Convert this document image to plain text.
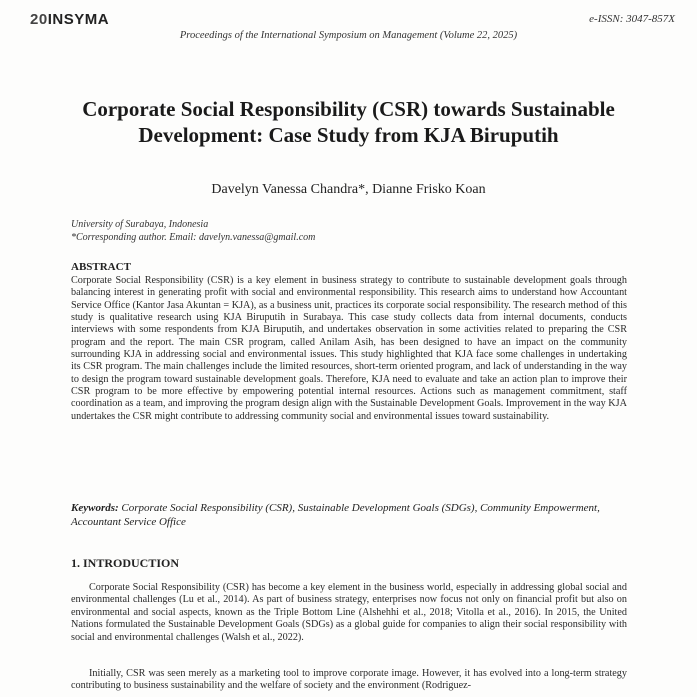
20INSYMA	e-ISSN: 3047-857X
Proceedings of the International Symposium on Management (Volume 22, 2025)
Corporate Social Responsibility (CSR) towards Sustainable Development: Case Study from KJA Biruputih
Davelyn Vanessa Chandra*, Dianne Frisko Koan
University of Surabaya, Indonesia
*Corresponding author. Email: davelyn.vanessa@gmail.com
ABSTRACT
Corporate Social Responsibility (CSR) is a key element in business strategy to contribute to sustainable development goals through balancing interest in generating profit with social and environmental responsibility. This research aims to understand how Accountant Service Office (Kantor Jasa Akuntan = KJA), as a business unit, practices its corporate social responsibility. The research method of this study is qualitative research using KJA Biruputih in Surabaya. This case study collects data from internal documents, conducts interviews with some respondents from KJA Biruputih, and undertakes observation in some activities related to preparing the CSR program and the report. The main CSR program, called Anilam Asih, has been designed to have an impact on the community surrounding KJA in addressing social and environmental issues. This study highlighted that KJA face some challenges in undertaking its CSR program. The main challenges include the limited resources, short-term oriented program, and lack of understanding in the way to design the program toward sustainable development goals. Therefore, KJA need to evaluate and take an action plan to improve their CSR program to be more effective by empowering potential internal resources. Actions such as management commitment, staff coordination as a team, and improving the program design align with the Sustainable Development Goals. Improvement in the way KJA undertakes the CSR might contribute to addressing community social and environmental issues toward sustainability.
Keywords: Corporate Social Responsibility (CSR), Sustainable Development Goals (SDGs), Community Empowerment, Accountant Service Office
1. INTRODUCTION
Corporate Social Responsibility (CSR) has become a key element in the business world, especially in addressing global social and environmental challenges (Lu et al., 2014). As part of business strategy, enterprises now focus not only on financial profit but also on environmental and social aspects, known as the Triple Bottom Line (Alshehhi et al., 2018; Vitolla et al., 2016). In 2015, the United Nations formulated the Sustainable Development Goals (SDGs) as a global guide for companies to align their social responsibility with social and environmental challenges (Walsh et al., 2022).
Initially, CSR was seen merely as a marketing tool to improve corporate image. However, it has evolved into a long-term strategy contributing to business sustainability and the welfare of society and the environment (Rodriguez-
